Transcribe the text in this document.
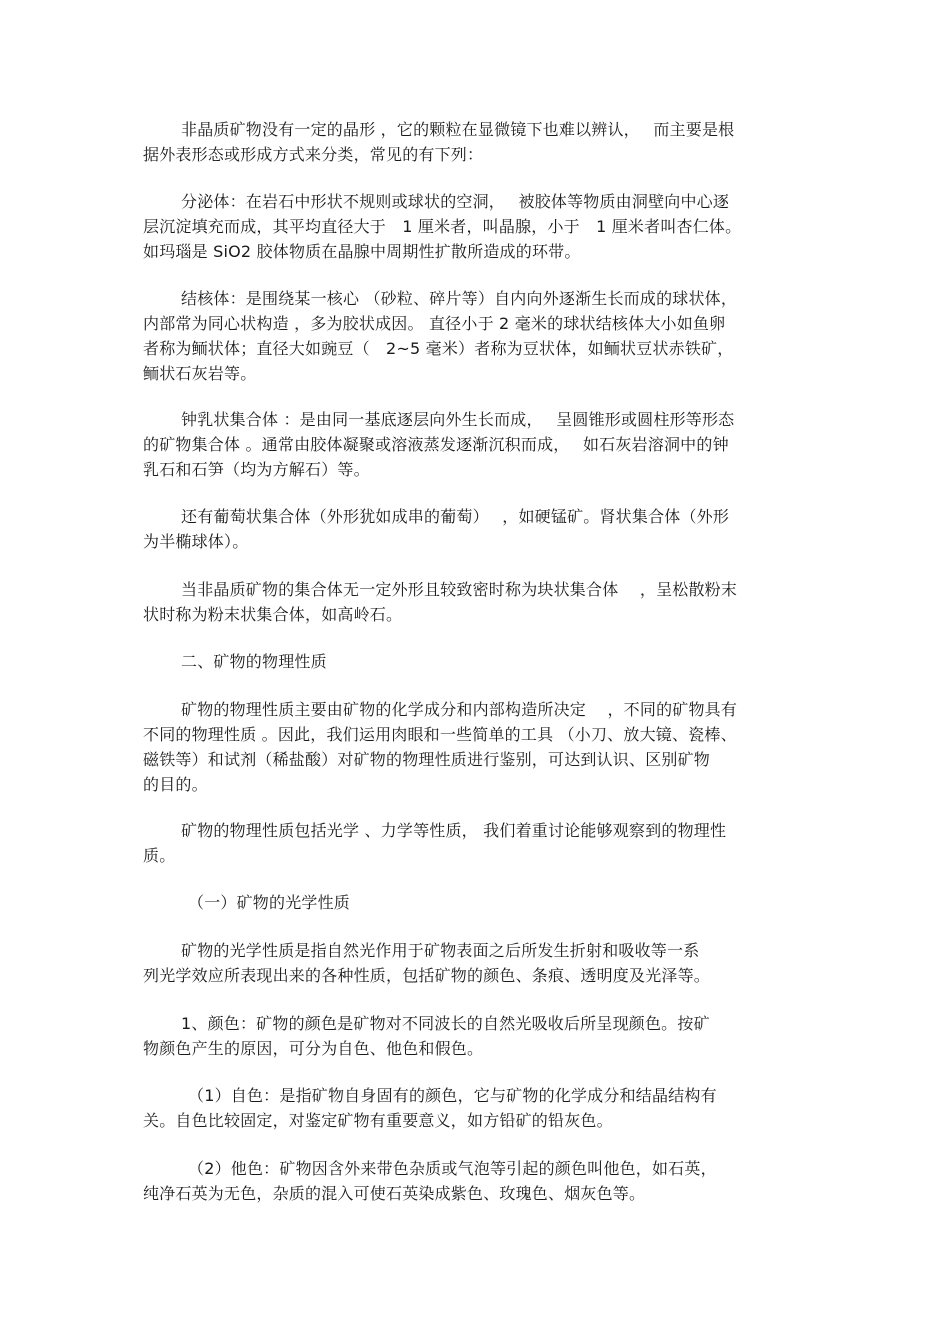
非晶质矿物没有一定的晶形 ，它的颗粒在显微镜下也难以辨认，　 而主要是根
据外表形态或形成方式来分类，常见的有下列：

分泌体：在岩石中形状不规则或球状的空洞，　 被胶体等物质由洞壁向中心逐
层沉淀填充而成，其平均直径大于　1 厘米者，叫晶腺，小于　1 厘米者叫杏仁体。
如玛瑙是 SiO2 胶体物质在晶腺中周期性扩散所造成的环带。

结核体：是围绕某一核心 （砂粒、碎片等）自内向外逐渐生长而成的球状体，
内部常为同心状构造 ，多为胶状成因。 直径小于 2 毫米的球状结核体大小如鱼卵
者称为鲕状体；直径大如豌豆（　2~5 毫米）者称为豆状体，如鲕状豆状赤铁矿，
鲕状石灰岩等。

钟乳状集合体 ：是由同一基底逐层向外生长而成，　 呈圆锥形或圆柱形等形态
的矿物集合体 。通常由胶体凝聚或溶液蒸发逐渐沉积而成，　 如石灰岩溶洞中的钟
乳石和石笋（均为方解石）等。

还有葡萄状集合体（外形犹如成串的葡萄）　 ，如硬锰矿。肾状集合体（外形
为半椭球体）。

当非晶质矿物的集合体无一定外形且较致密时称为块状集合体　 ，呈松散粉末
状时称为粉末状集合体，如高岭石。

二、矿物的物理性质

矿物的物理性质主要由矿物的化学成分和内部构造所决定　 ，不同的矿物具有
不同的物理性质 。因此，我们运用肉眼和一些简单的工具 （小刀、放大镜、瓷棒、
磁铁等）和试剂（稀盐酸）对矿物的物理性质进行鉴别，可达到认识、区别矿物
的目的。

矿物的物理性质包括光学 、力学等性质， 我们着重讨论能够观察到的物理性
质。

（一）矿物的光学性质

矿物的光学性质是指自然光作用于矿物表面之后所发生折射和吸收等一系
列光学效应所表现出来的各种性质，包括矿物的颜色、条痕、透明度及光泽等。

1、颜色：矿物的颜色是矿物对不同波长的自然光吸收后所呈现颜色。按矿
物颜色产生的原因，可分为自色、他色和假色。

（1）自色：是指矿物自身固有的颜色，它与矿物的化学成分和结晶结构有
关。自色比较固定，对鉴定矿物有重要意义，如方铅矿的铅灰色。

（2）他色：矿物因含外来带色杂质或气泡等引起的颜色叫他色，如石英，
纯净石英为无色，杂质的混入可使石英染成紫色、玫瑰色、烟灰色等。
